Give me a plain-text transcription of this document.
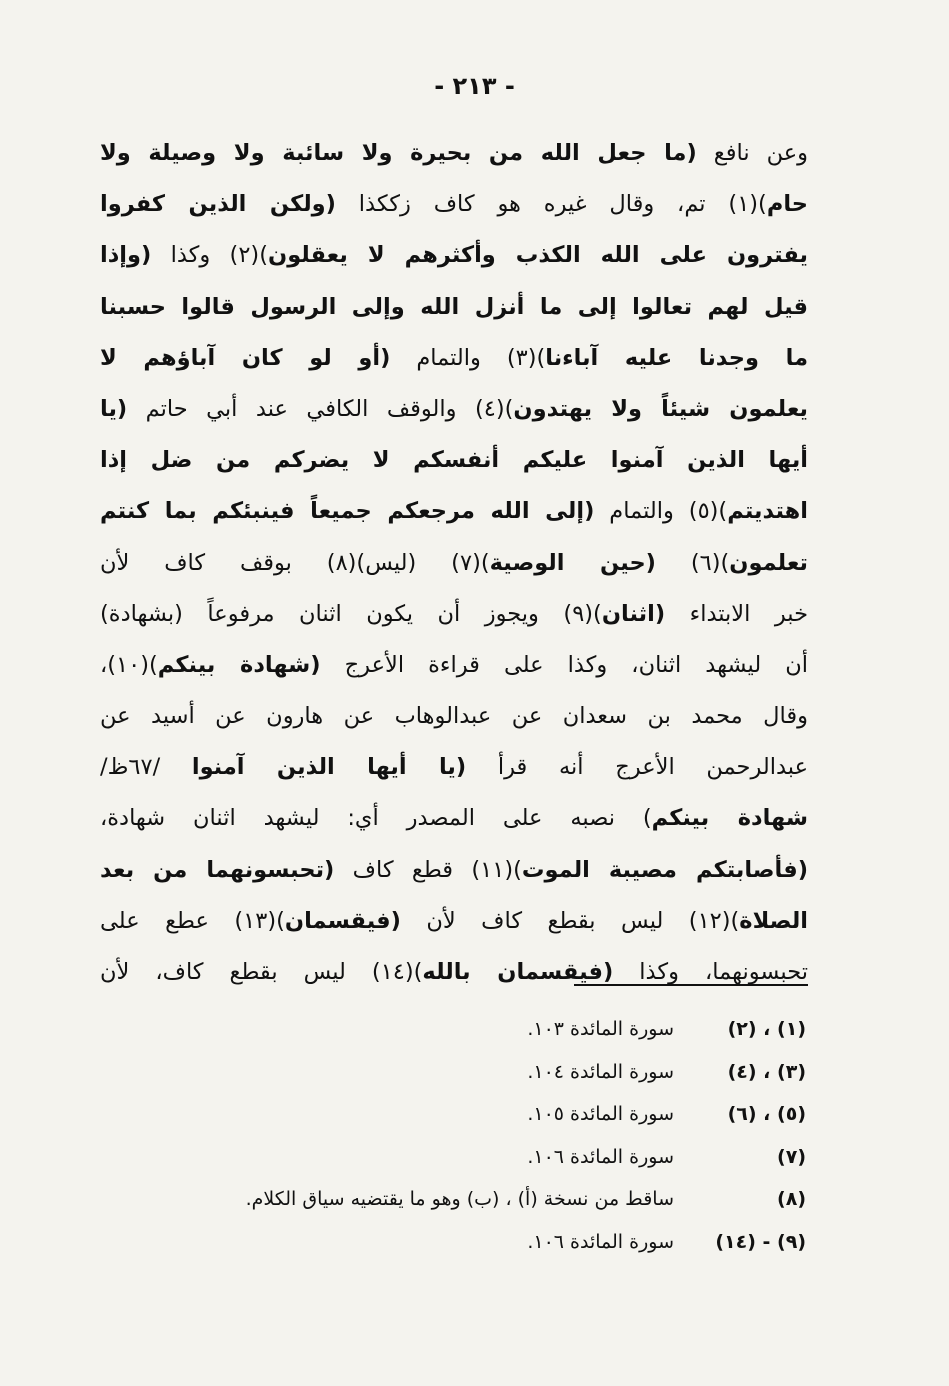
- ٢١٣ -
وعن نافع (ما جعل الله من بحيرة ولا سائبة ولا وصيلة ولا
حام)(١) تم، وقال غيره هو كاف زككذا (ولكن الذين كفروا
يفترون على الله الكذب وأكثرهم لا يعقلون)(٢) وكذا (وإذا
قيل لهم تعالوا إلى ما أنزل الله وإلى الرسول قالوا حسبنا
ما وجدنا عليه آباءنا)(٣) والتمام (أو لو كان آباؤهم لا
يعلمون شيئاً ولا يهتدون)(٤) والوقف الكافي عند أبي حاتم (يا
أيها الذين آمنوا عليكم أنفسكم لا يضركم من ضل إذا
اهتديتم)(٥) والتمام (إلى الله مرجعكم جميعاً فينبئكم بما كنتم
تعلمون)(٦) (حين الوصية)(٧) (ليس)(٨) بوقف كاف لأن
خبر الابتداء (اثنان)(٩) ويجوز أن يكون اثنان مرفوعاً (بشهادة)
أن ليشهد اثنان، وكذا على قراءة الأعرج (شهادة بينكم)(١٠)،
وقال محمد بن سعدان عن عبدالوهاب عن هارون عن أسيد عن
عبدالرحمن الأعرج أنه قرأ (يا أيها الذين آمنوا /٦٧ظ/
شهادة بينكم) نصبه على المصدر أي: ليشهد اثنان شهادة،
(فأصابتكم مصيبة الموت)(١١) قطع كاف (تحبسونهما من بعد
الصلاة)(١٢) ليس بقطع كاف لأن (فيقسمان)(١٣) عطع على
تحبسونهما، وكذا (فيقسمان بالله)(١٤) ليس بقطع كاف، لأن
(١) ، (٢)
سورة المائدة ١٠٣.
(٣) ، (٤)
سورة المائدة ١٠٤.
(٥) ، (٦)
سورة المائدة ١٠٥.
(٧)
سورة المائدة ١٠٦.
(٨)
ساقط من نسخة (أ) ، (ب) وهو ما يقتضيه سياق الكلام.
(٩) - (١٤)
سورة المائدة ١٠٦.
